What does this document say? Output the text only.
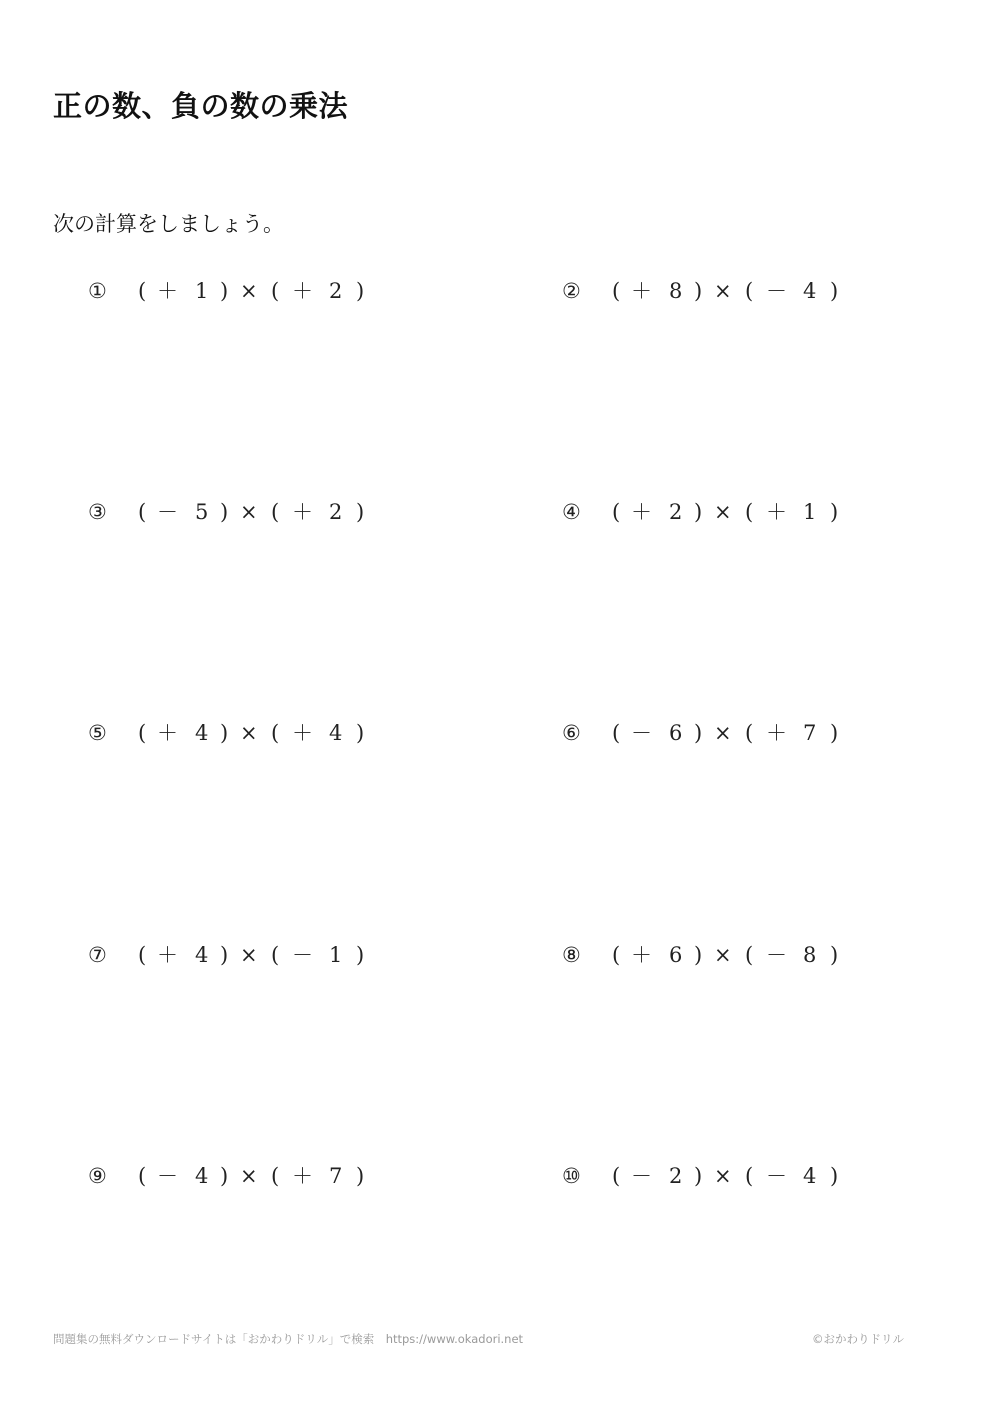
正の数、負の数の乗法
次の計算をしましょう。
① ( ＋ 1 ) × ( ＋ 2 )	② ( ＋ 8 ) × ( － 4 )
③ ( － 5 ) × ( ＋ 2 )	④ ( ＋ 2 ) × ( ＋ 1 )
⑤ ( ＋ 4 ) × ( ＋ 4 )	⑥ ( － 6 ) × ( ＋ 7 )
⑦ ( ＋ 4 ) × ( － 1 )	⑧ ( ＋ 6 ) × ( － 8 )
⑨ ( － 4 ) × ( ＋ 7 )	⑩ ( － 2 ) × ( － 4 )
問題集の無料ダウンロードサイトは「おかわりドリル」で検索　https://www.okadori.net	©おかわりドリル
